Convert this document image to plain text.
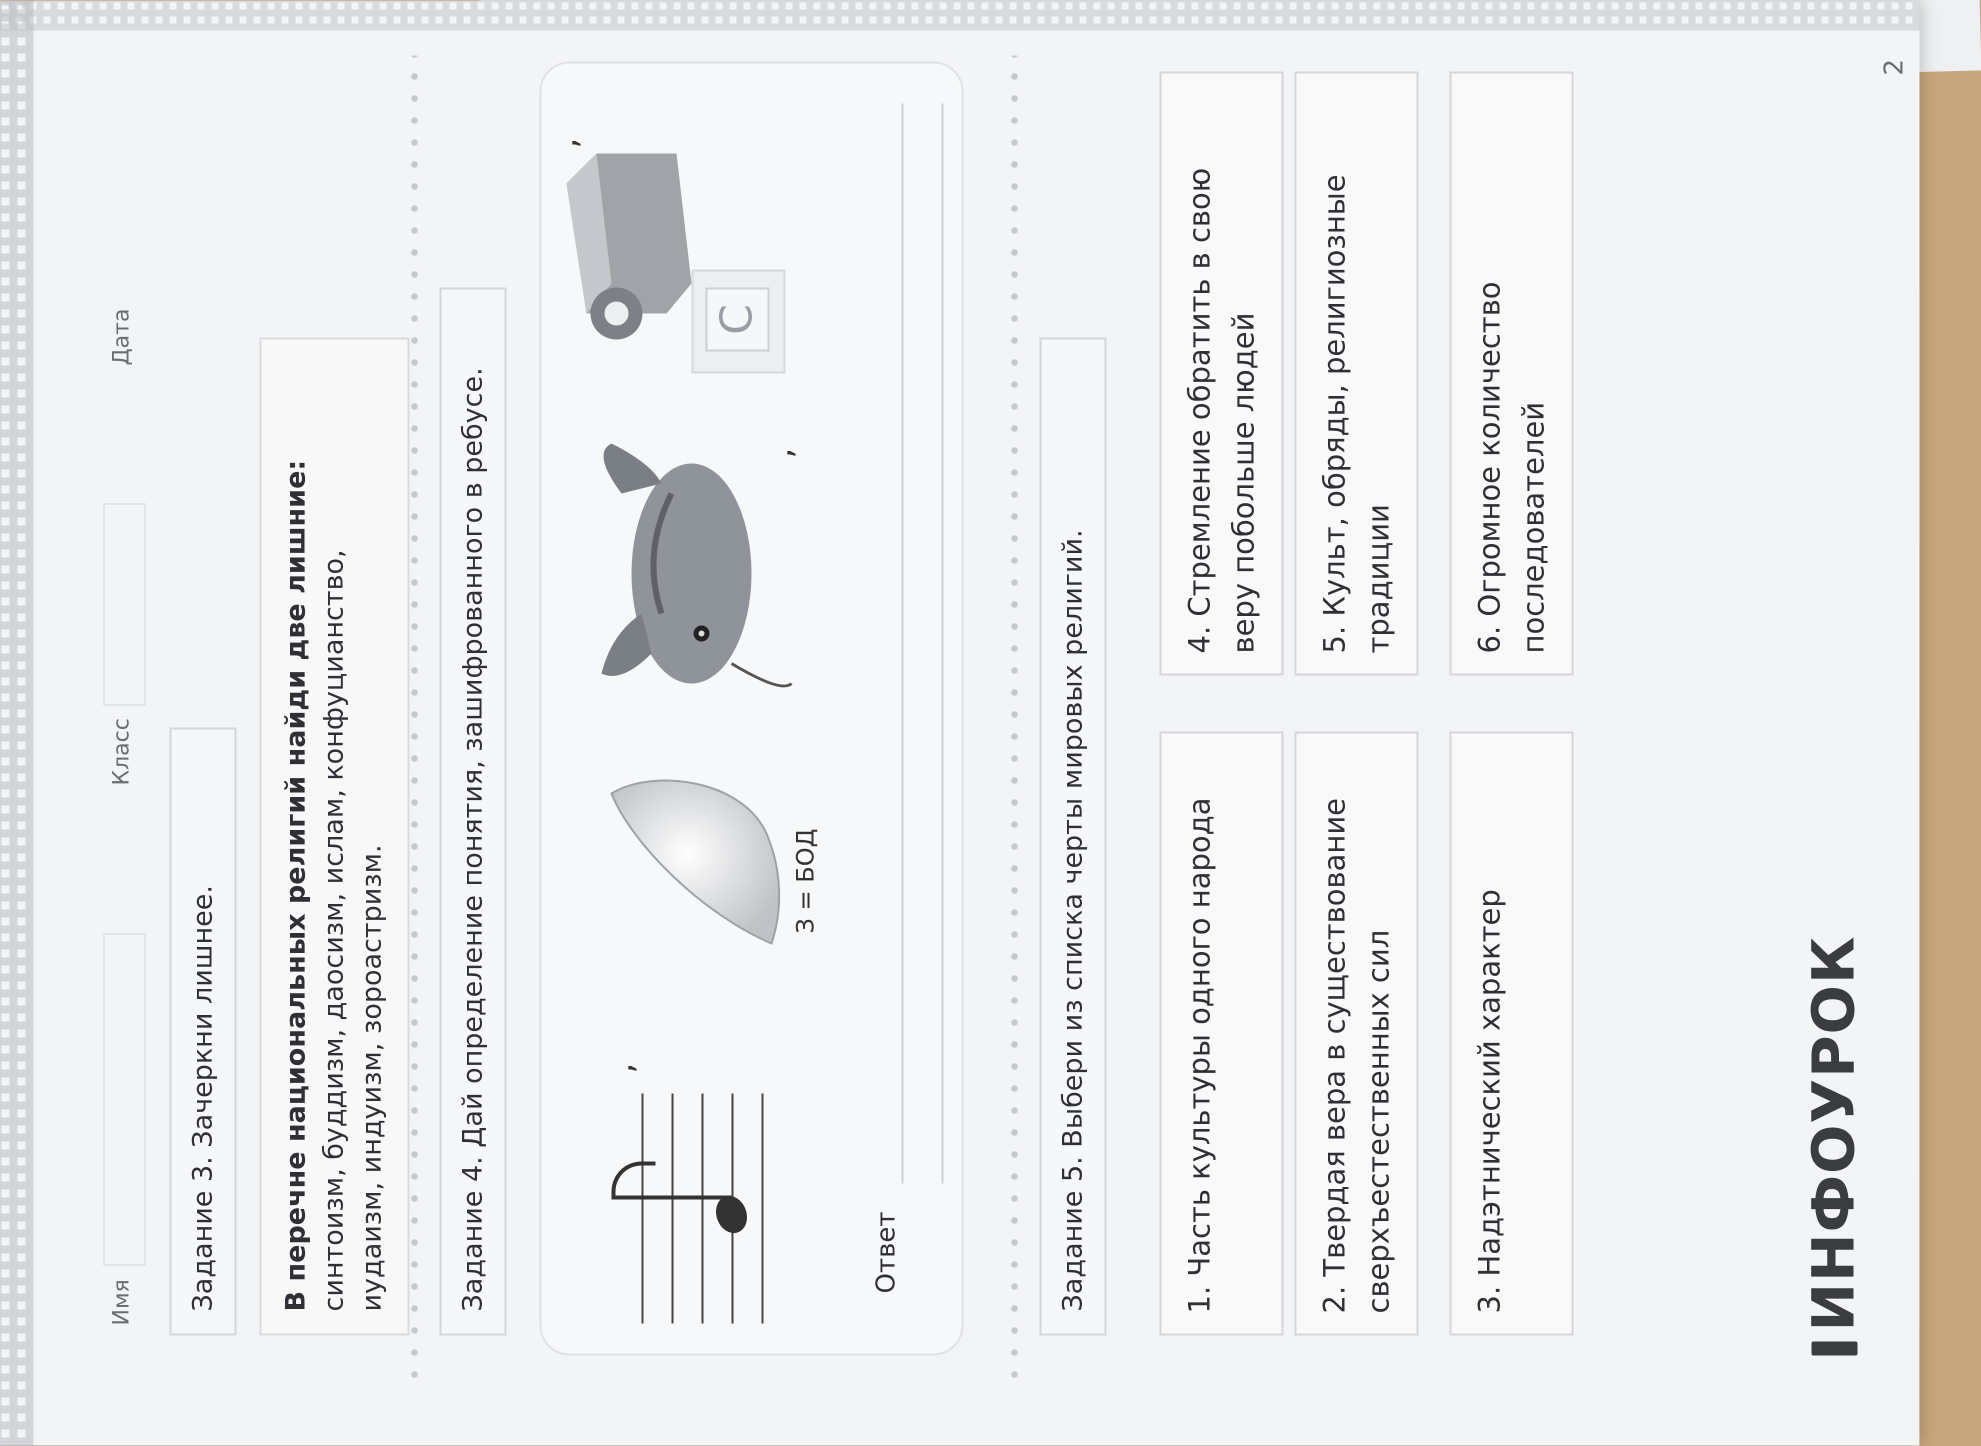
Имя
Класс
Дата
Задание 3. Зачеркни лишнее.	В перечне национальных религий найди две лишние: синтоизм, буддизм, даосизм, ислам, конфуцианство, иудаизм, индуизм, зороастризм.	Задание 4. Дай определение понятия, зашифрованного в ребусе.	,
З = БОД
,
С
,
Ответ	Задание 5. Выбери из списка черты мировых религий.	1. Часть культуры одного народа	2. Твердая вера в существование сверхъестественных сил	3. Надэтнический характер
4. Стремление обратить в свою веру побольше людей 5. Культ, обряды, религиозные традиции	6. Огромное количество последователей
ИНФОУРОК
2
